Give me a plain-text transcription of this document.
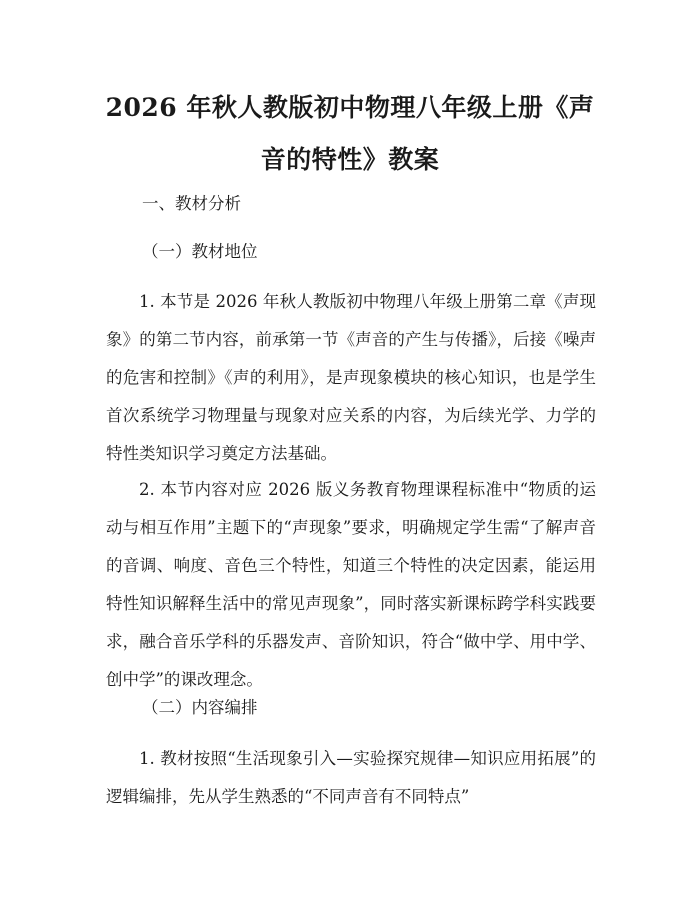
2026 年秋人教版初中物理八年级上册《声音的特性》教案
一、教材分析
（一）教材地位
1. 本节是 2026 年秋人教版初中物理八年级上册第二章《声现象》的第二节内容，前承第一节《声音的产生与传播》，后接《噪声的危害和控制》《声的利用》，是声现象模块的核心知识，也是学生首次系统学习物理量与现象对应关系的内容，为后续光学、力学的特性类知识学习奠定方法基础。
2. 本节内容对应 2026 版义务教育物理课程标准中“物质的运动与相互作用”主题下的“声现象”要求，明确规定学生需“了解声音的音调、响度、音色三个特性，知道三个特性的决定因素，能运用特性知识解释生活中的常见声现象”，同时落实新课标跨学科实践要求，融合音乐学科的乐器发声、音阶知识，符合“做中学、用中学、创中学”的课改理念。
（二）内容编排
1. 教材按照“生活现象引入—实验探究规律—知识应用拓展”的逻辑编排，先从学生熟悉的“不同声音有不同特点”
